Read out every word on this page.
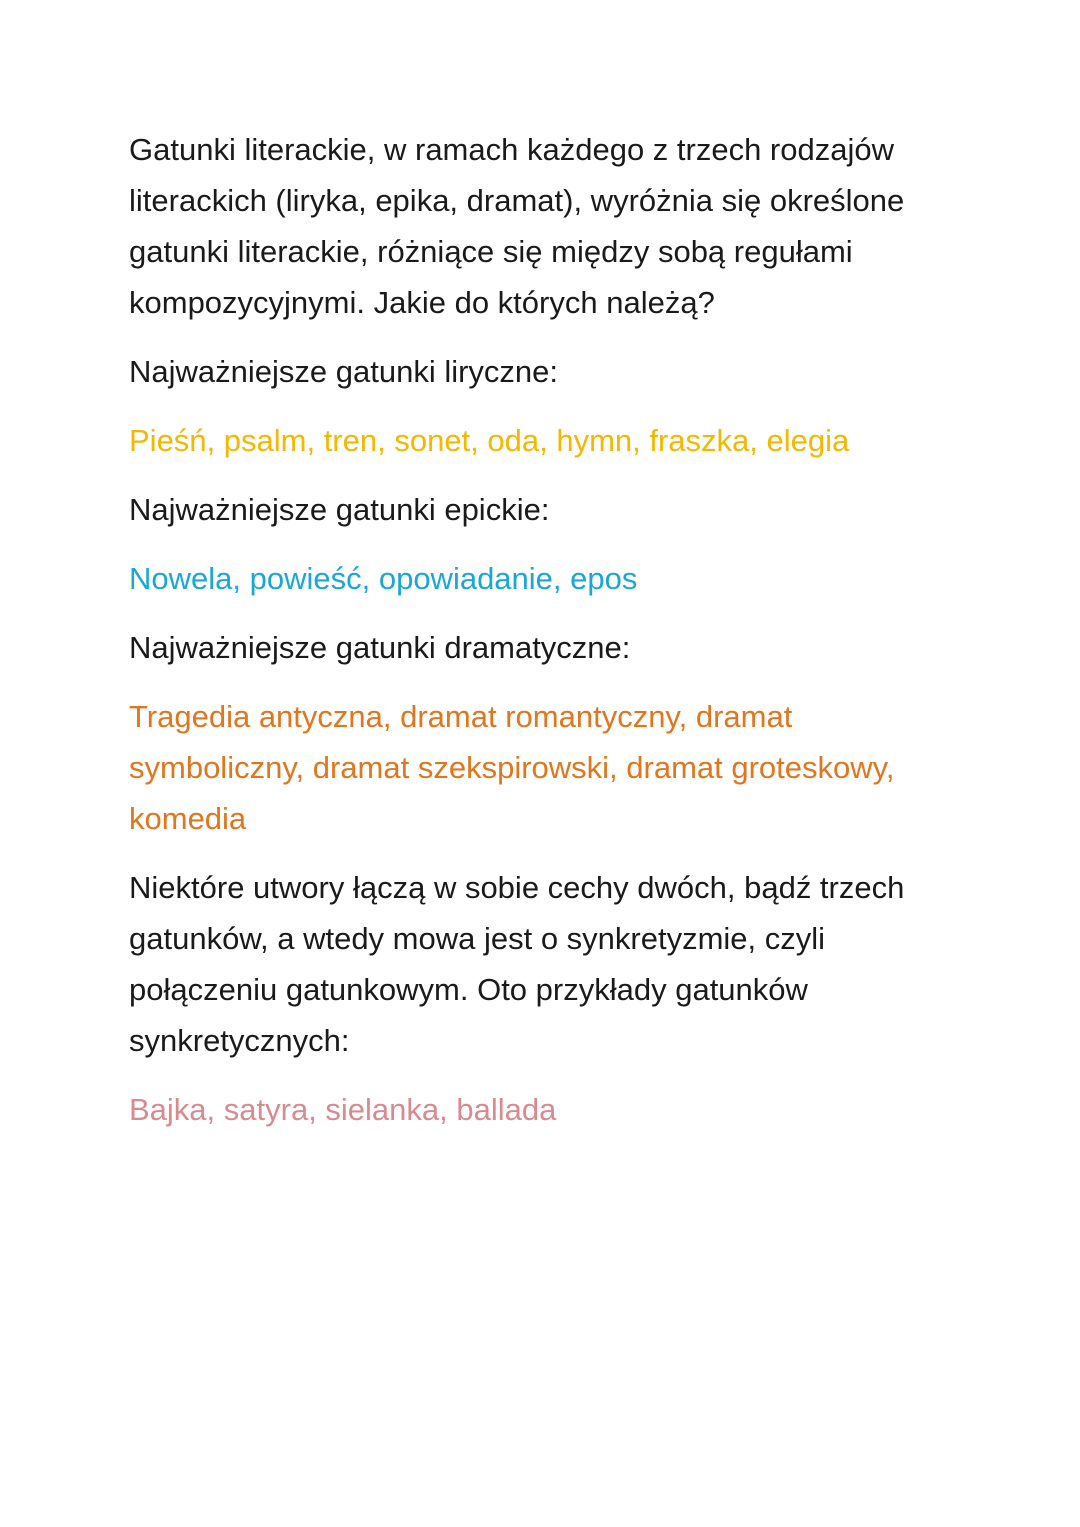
Gatunki literackie, w ramach każdego z trzech rodzajów literackich (liryka, epika, dramat), wyróżnia się określone gatunki literackie, różniące się między sobą regułami kompozycyjnymi. Jakie do których należą?

Najważniejsze gatunki liryczne:

Pieśń, psalm, tren, sonet, oda, hymn, fraszka, elegia

Najważniejsze gatunki epickie:

Nowela, powieść, opowiadanie, epos

Najważniejsze gatunki dramatyczne:

Tragedia antyczna, dramat romantyczny, dramat symboliczny, dramat szekspirowski, dramat groteskowy, komedia

Niektóre utwory łączą w sobie cechy dwóch, bądź trzech gatunków, a wtedy mowa jest o synkretyzmie, czyli połączeniu gatunkowym. Oto przykłady gatunków synkretycznych:

Bajka, satyra, sielanka, ballada
